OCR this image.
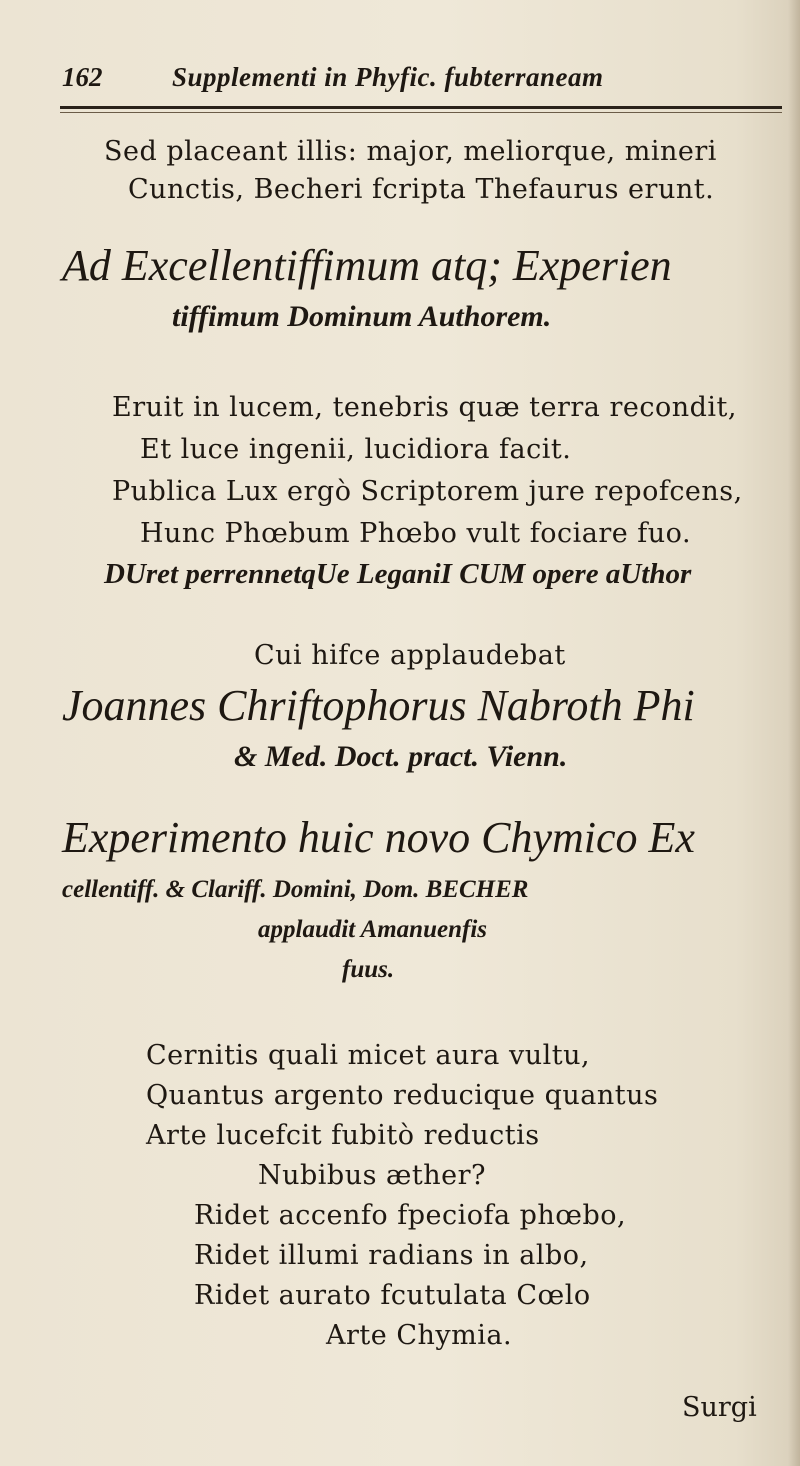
162	Supplementi in Phyfic. fubterraneam
Sed placeant illis: major, meliorque, mineri
Cunctis, Becheri fcripta Thefaurus erunt.
Ad Excellentiffimum atq; Experien
tiffimum Dominum Authorem.
Eruit in lucem, tenebris quæ terra recondit,
Et luce ingenii, lucidiora facit.
Publica Lux ergò Scriptorem jure repofcens,
Hunc Phœbum Phœbo vult fociare fuo.
DUret perrennetqUe LeganiI CUM opere aUthor
Cui hifce applaudebat
Joannes Chriftophorus Nabroth Phi
& Med. Doct. pract. Vienn.
Experimento huic novo Chymico Ex
cellentiff. & Clariff. Domini, Dom. BECHER
applaudit Amanuenfis
fuus.
Cernitis quali micet aura vultu,
Quantus argento reducique quantus
Arte lucefcit fubitò reductis
Nubibus æther?
Ridet accenfo fpeciofa phœbo,
Ridet illumi radians in albo,
Ridet aurato fcutulata Cœlo
Arte Chymia.
Surgi
